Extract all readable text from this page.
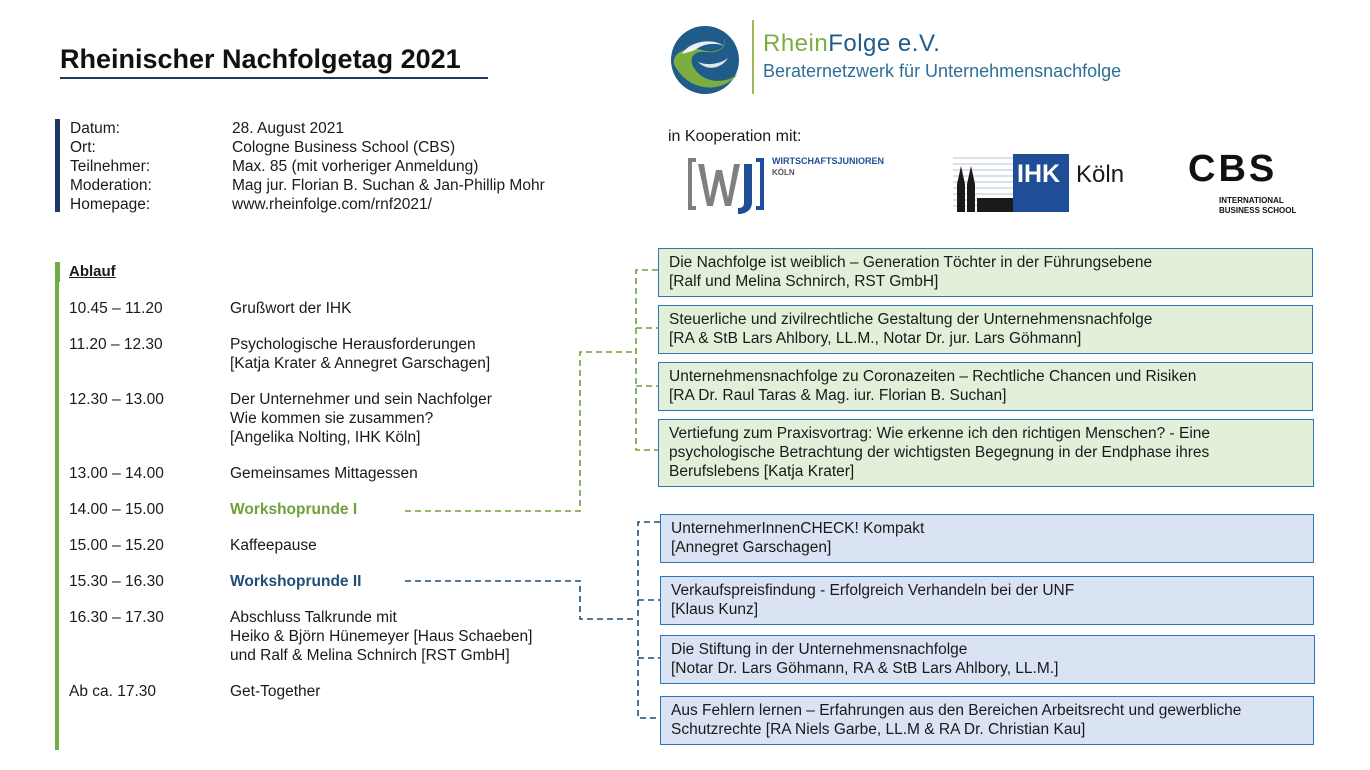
Rheinischer Nachfolgetag 2021
Datum:	28. August 2021
Ort:	Cologne Business School (CBS)
Teilnehmer:	Max. 85 (mit vorheriger Anmeldung)
Moderation:	Mag jur. Florian B. Suchan & Jan-Phillip Mohr
Homepage:	www.rheinfolge.com/rnf2021/
RheinFolge e.V.
Beraternetzwerk für Unternehmensnachfolge
in Kooperation mit:
WIRTSCHAFTSJUNIOREN
KÖLN	IHK Köln CBS
INTERNATIONAL
BUSINESS SCHOOL
Ablauf
10.45 – 11.20	Grußwort der IHK
11.20 – 12.30	Psychologische Herausforderungen
[Katja Krater & Annegret Garschagen]
12.30 – 13.00	Der Unternehmer und sein Nachfolger
Wie kommen sie zusammen?
[Angelika Nolting, IHK Köln]
13.00 – 14.00	Gemeinsames Mittagessen
14.00 – 15.00	Workshoprunde I
15.00 – 15.20	Kaffeepause
15.30 – 16.30	Workshoprunde II
16.30 – 17.30	Abschluss Talkrunde mit
Heiko & Björn Hünemeyer [Haus Schaeben]
und Ralf & Melina Schnirch [RST GmbH]
Ab ca. 17.30	Get-Together
Die Nachfolge ist weiblich – Generation Töchter in der Führungsebene
[Ralf und Melina Schnirch, RST GmbH]
Steuerliche und zivilrechtliche Gestaltung der Unternehmensnachfolge
[RA & StB Lars Ahlbory, LL.M., Notar Dr. jur. Lars Göhmann]
Unternehmensnachfolge zu Coronazeiten – Rechtliche Chancen und Risiken
[RA Dr. Raul Taras & Mag. iur. Florian B. Suchan]
Vertiefung zum Praxisvortrag: Wie erkenne ich den richtigen Menschen? - Eine
psychologische Betrachtung der wichtigsten Begegnung in der Endphase ihres
Berufslebens [Katja Krater]
UnternehmerInnenCHECK! Kompakt
[Annegret Garschagen]
Verkaufspreisfindung - Erfolgreich Verhandeln bei der UNF
[Klaus Kunz]
Die Stiftung in der Unternehmensnachfolge
[Notar Dr. Lars Göhmann, RA & StB Lars Ahlbory, LL.M.]
Aus Fehlern lernen – Erfahrungen aus den Bereichen Arbeitsrecht und gewerbliche
Schutzrechte [RA Niels Garbe, LL.M & RA Dr. Christian Kau]
